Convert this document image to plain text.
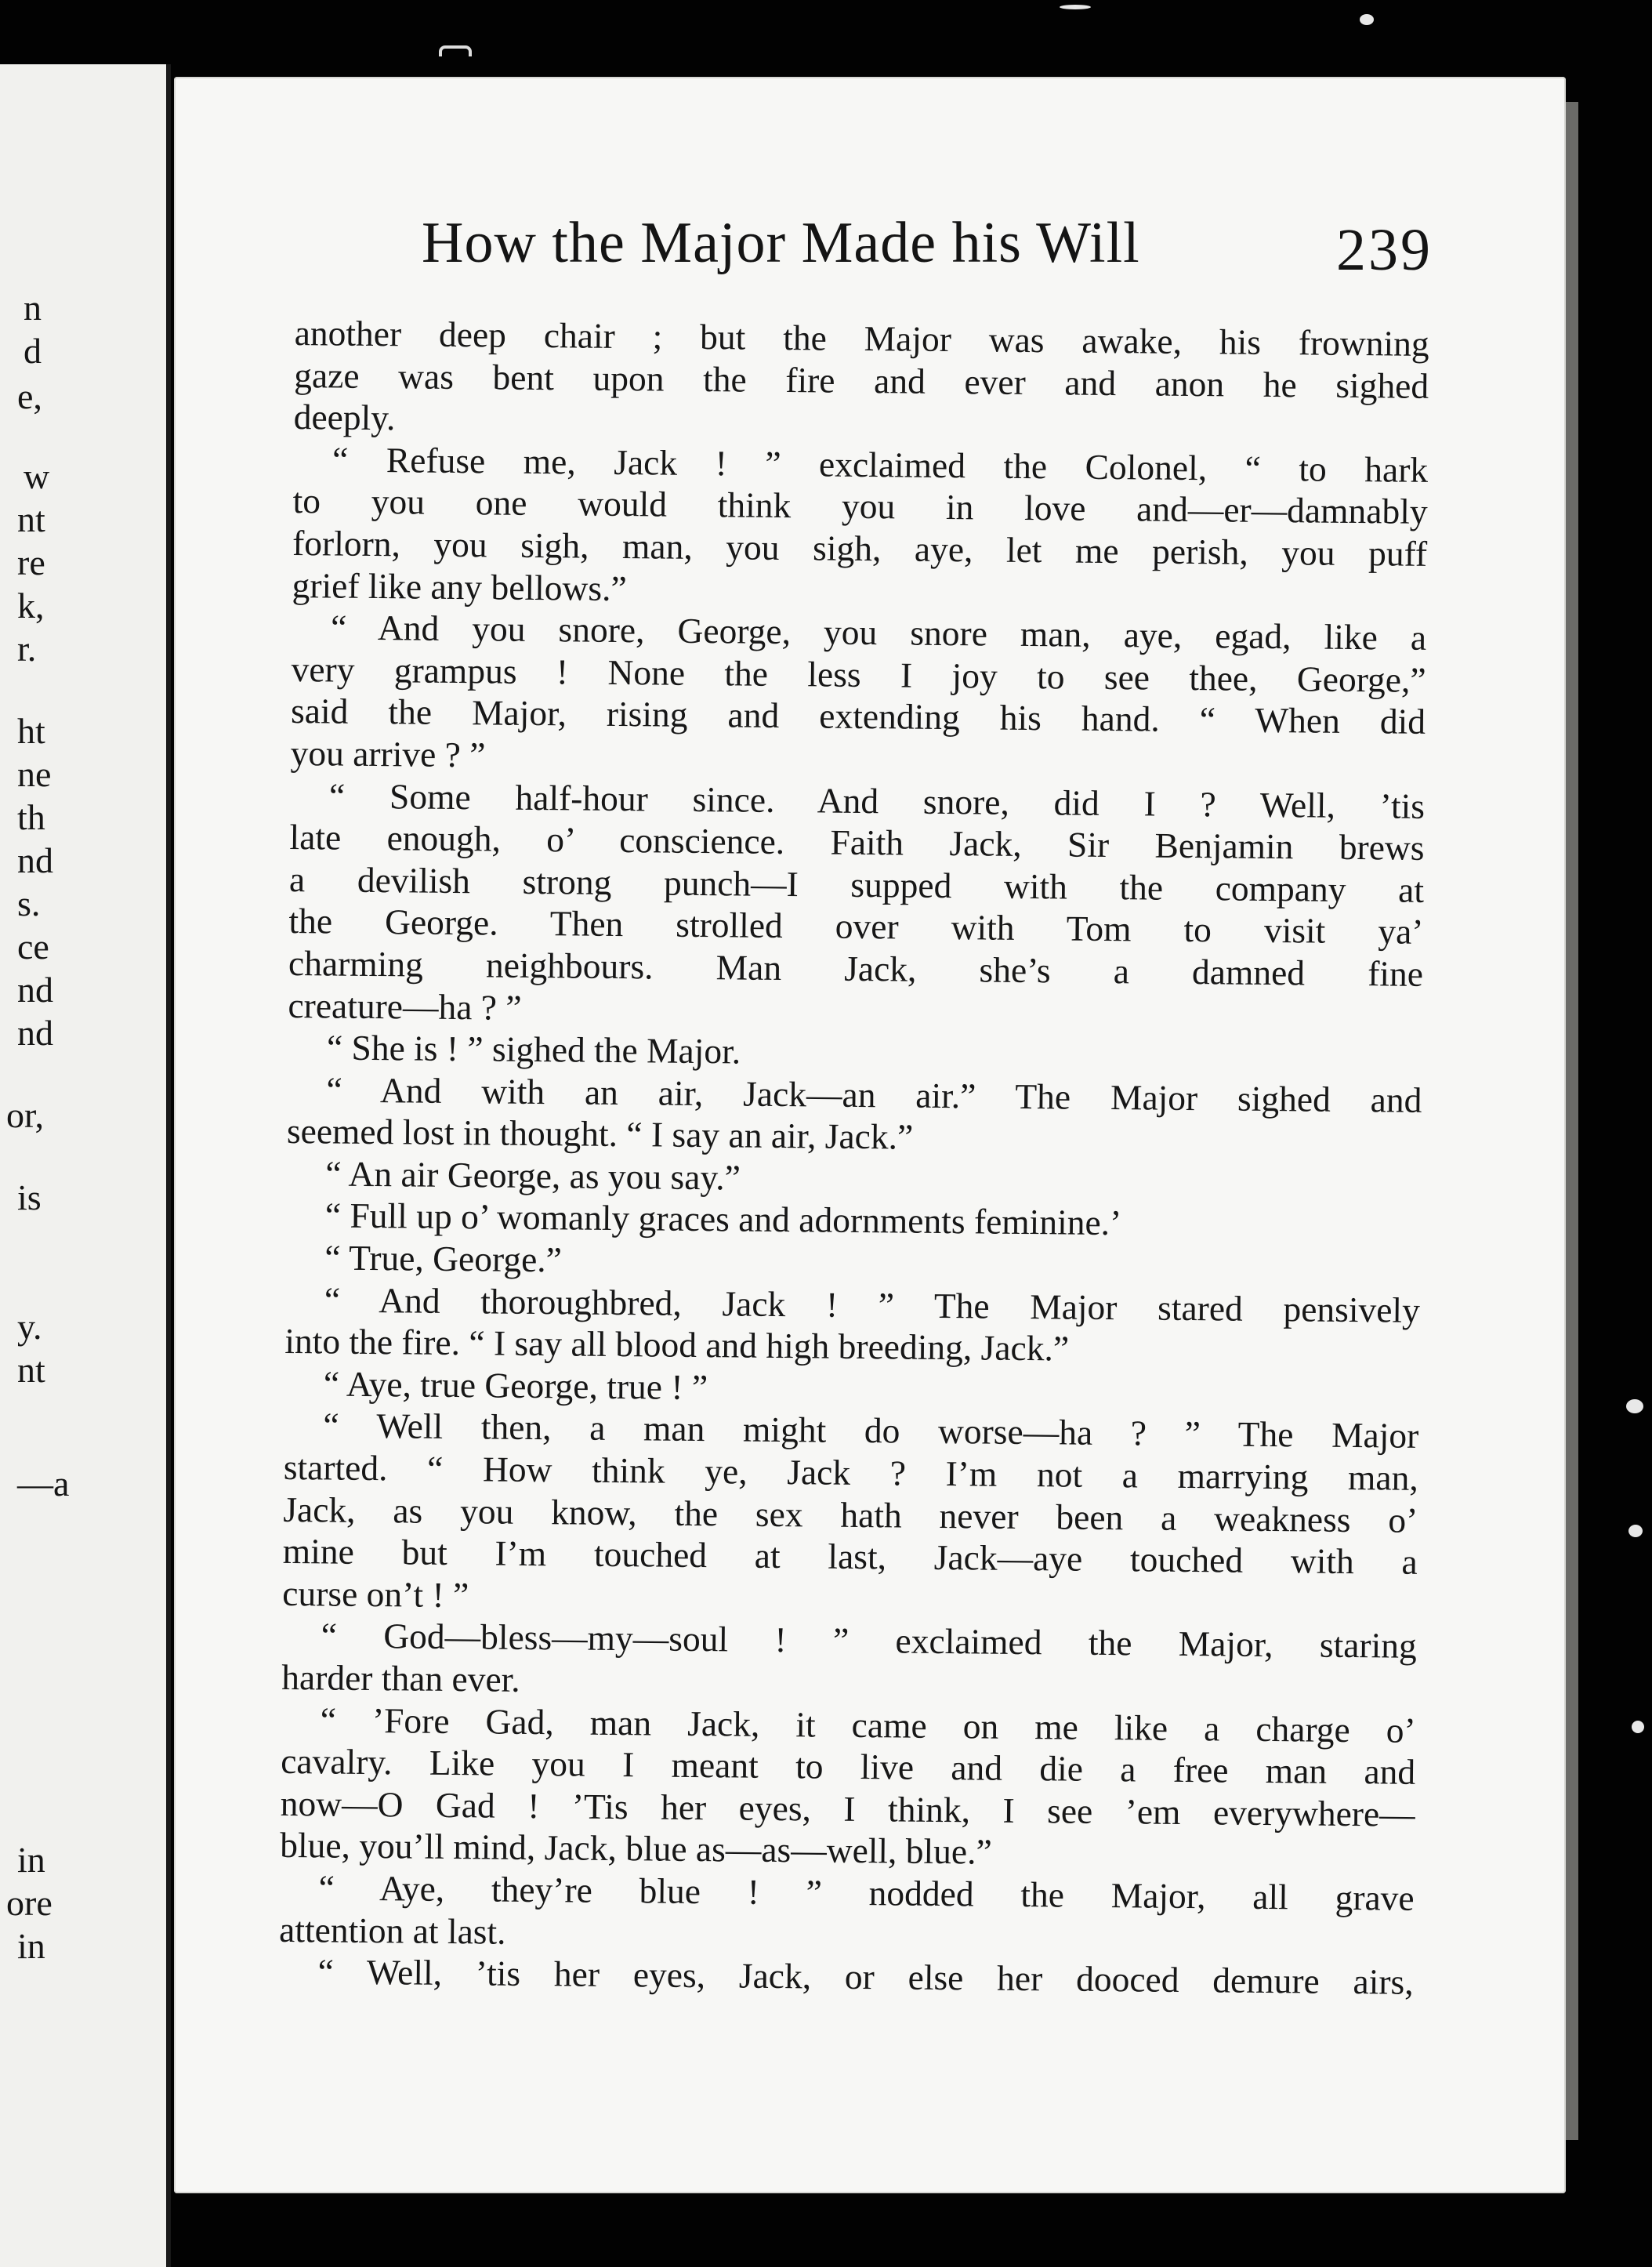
n
d
e,
w
nt
re
k,
r.
ht
ne
th
nd
s.
ce
nd
nd
or,
is
y.
nt
—a
in
ore
in
How the Major Made his Will	239
another deep chair ; but the Major was awake, his frowning
gaze was bent upon the fire and ever and anon he sighed
deeply.
“ Refuse me, Jack ! ” exclaimed the Colonel, “ to hark
to you one would think you in love and—er—damnably
forlorn, you sigh, man, you sigh, aye, let me perish, you puff
grief like any bellows.”
“ And you snore, George, you snore man, aye, egad, like a
very grampus ! None the less I joy to see thee, George,”
said the Major, rising and extending his hand. “ When did
you arrive ? ”
“ Some half-hour since. And snore, did I ? Well, ’tis
late enough, o’ conscience. Faith Jack, Sir Benjamin brews
a devilish strong punch—I supped with the company at
the George. Then strolled over with Tom to visit ya’
charming neighbours. Man Jack, she’s a damned fine
creature—ha ? ”
“ She is ! ” sighed the Major.
“ And with an air, Jack—an air.” The Major sighed and
seemed lost in thought. “ I say an air, Jack.”
“ An air George, as you say.”
“ Full up o’ womanly graces and adornments feminine.’
“ True, George.”
“ And thoroughbred, Jack ! ” The Major stared pensively
into the fire. “ I say all blood and high breeding, Jack.”
“ Aye, true George, true ! ”
“ Well then, a man might do worse—ha ? ” The Major
started. “ How think ye, Jack ? I’m not a marrying man,
Jack, as you know, the sex hath never been a weakness o’
mine but I’m touched at last, Jack—aye touched with a
curse on’t ! ”
“ God—bless—my—soul ! ” exclaimed the Major, staring
harder than ever.
“ ’Fore Gad, man Jack, it came on me like a charge o’
cavalry. Like you I meant to live and die a free man and
now—O Gad ! ’Tis her eyes, I think, I see ’em everywhere—
blue, you’ll mind, Jack, blue as—as—well, blue.”
“ Aye, they’re blue ! ” nodded the Major, all grave
attention at last.
“ Well, ’tis her eyes, Jack, or else her dooced demure airs,
